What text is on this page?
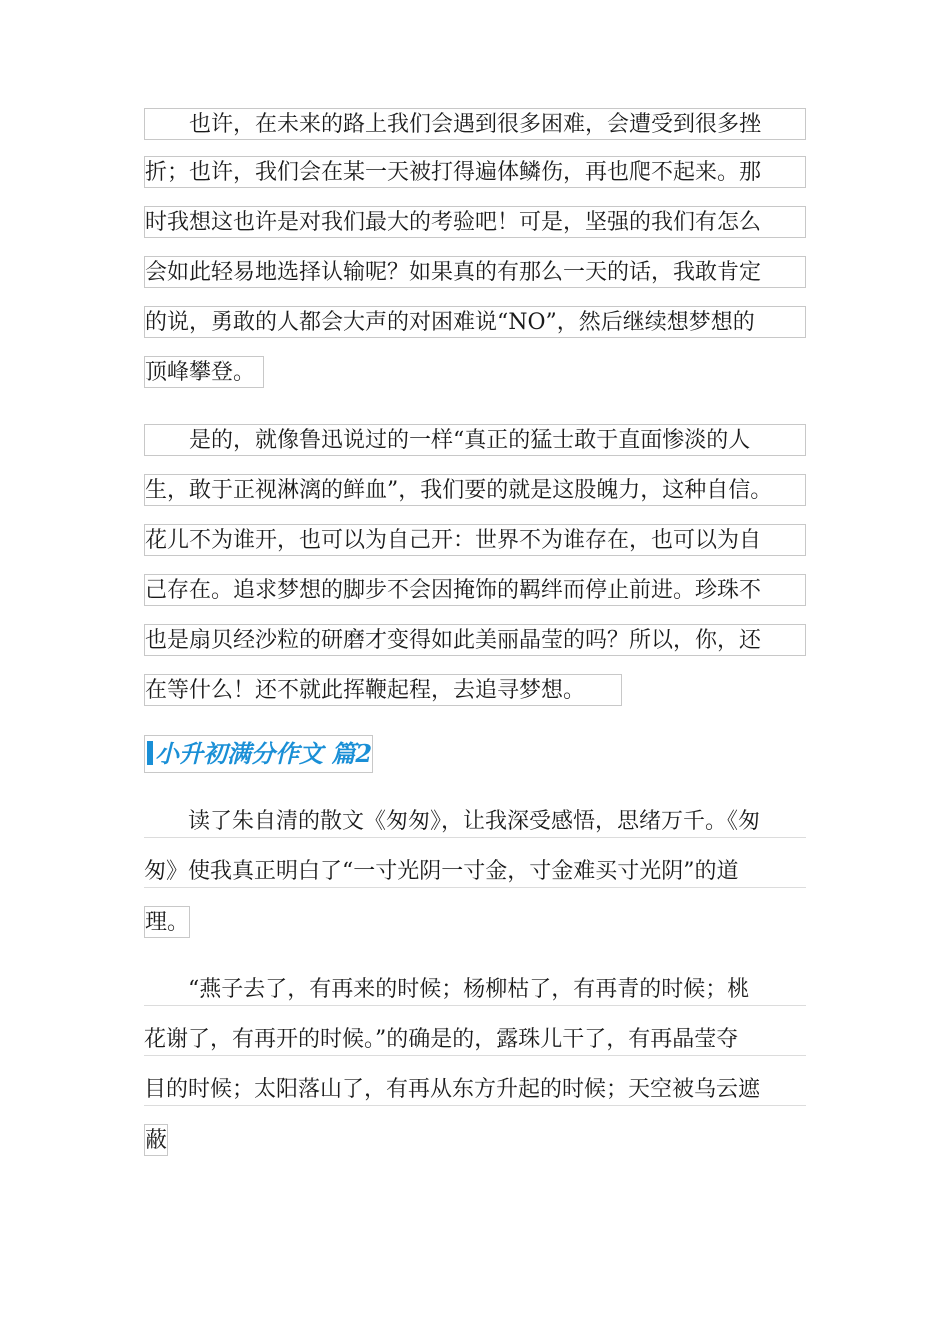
　　也许，在未来的路上我们会遇到很多困难，会遭受到很多挫
折；也许，我们会在某一天被打得遍体鳞伤，再也爬不起来。那
时我想这也许是对我们最大的考验吧！可是，坚强的我们有怎么
会如此轻易地选择认输呢？如果真的有那么一天的话，我敢肯定
的说，勇敢的人都会大声的对困难说“NO”，然后继续想梦想的
顶峰攀登。
　　是的，就像鲁迅说过的一样“真正的猛士敢于直面惨淡的人
生，敢于正视淋漓的鲜血”，我们要的就是这股魄力，这种自信。
花儿不为谁开，也可以为自己开：世界不为谁存在，也可以为自
己存在。追求梦想的脚步不会因掩饰的羁绊而停止前进。珍珠不
也是扇贝经沙粒的研磨才变得如此美丽晶莹的吗？所以，你，还
在等什么！还不就此挥鞭起程，去追寻梦想。
小升初满分作文 篇2
　　读了朱自清的散文《匆匆》，让我深受感悟，思绪万千。《匆
匆》使我真正明白了“一寸光阴一寸金，寸金难买寸光阴”的道
理。
　　“燕子去了，有再来的时候；杨柳枯了，有再青的时候；桃
花谢了，有再开的时候。”的确是的，露珠儿干了，有再晶莹夺
目的时候；太阳落山了，有再从东方升起的时候；天空被乌云遮
蔽
